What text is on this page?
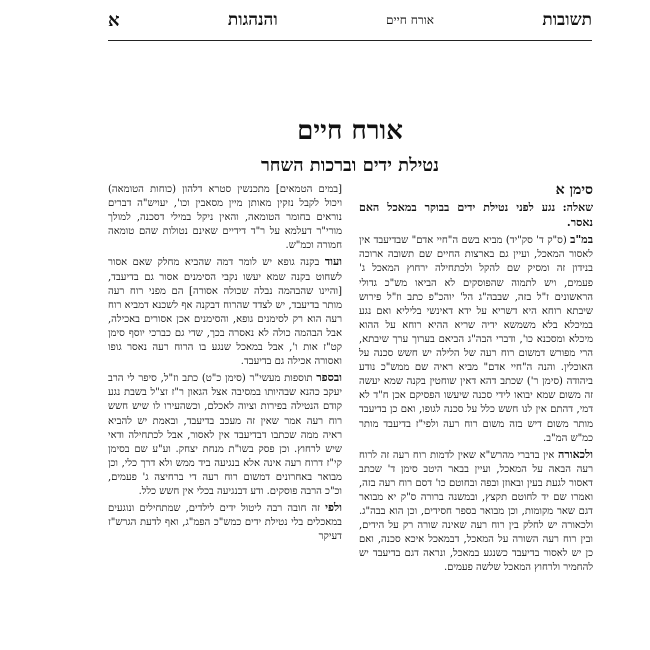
תשובות
אורח חיים
והנהגות
א
אורח חיים
נטילת ידים וברכות השחר
סימן א

שאלה: נגע לפני נטילת ידים בבוקר במאכל האם נאסר.

במ"ב (ס"ק ד' סק"יד) מביא בשם ה"חיי אדם" שבדיעבד אין לאסור המאכל, ועיין גם בארצות החיים שם תשובה ארוכה בנידון זה ומסיק שם להקל ולכתחילה ירחוץ המאכל ג' פעמים, ויש לתמוה שהפוסקים לא הביאו מש"כ גדולי הראשונים ז"ל בזה, שבבה"ג הל' יוהכ"פ כתב וז"ל פירוש שיבתא רוחא היא דשריא על ידא דאינשי בליליא ואם נגע במיכלא בלא משמשא ידיה שריא ההיא רוחא על ההוא מיכלא ומסכנא כו', ודברי הבה"ג הביאם בערוך ערך שיבתא, הרי מפורש דמשום רוח רעה של הלילה יש חשש סכנה על האוכלין. והנה ה"חיי אדם" מביא ראיה שם ממש"כ נודע ביהודה (סימן ר') שכתב דהא דאין שוחטין בקנה שמא יעשה זה משום שמא יבואו לידי סכנה שיעשו הפסיקם אכן ח"ד לא דמי, דהתם אין לנו חשש כלל על סכנה לגופו, ואם כן בדיעבד מותר משום דיש בזה משום רוח רעה ולפי"ז בדיעבד מותר כמ"ש המ"ב.

ולכאורה אין בדברי מהרש"א שאין לדמות רוח רעה זה לרוח רעה הבאה על המאכל, ועיין בבאר היטב סימן ד' שכתב דאסור לגעת בעין ובאוזן ובפה ובחוטם כו' דסם רוח רעה בזה, ואמרו שם יד לחוטם תקצץ, ובמשנה ברורה ס"ק יא מבואר דגם שאר מקומות, וכן מבואר בספר חסידים, וכן הוא בבה"ג. ולכאורה יש לחלק בין רוח רעה שאינה שורה רק על הידים, ובין רוח רעה השורה על המאכל, דבמאכל איכא סכנה, ואם כן יש לאסור בדיעבד כשנגע במאכל, ונראה דגם בדיעבד יש להחמיר ולרחוץ המאכל שלשה פעמים.

[במים הטמאים] מתכנשין סטרא דלהון (כוחות הטומאה) ויכול לקבל נזקין מאותן מיין מסאבין וכו', יעויש"ה דברים נוראים בחומר הטומאה, והאין ניקל במילי דסכנה, למולך מורי"ר דעלמא על ר"ד דידיים שאינם נטולות שהם טומאה חמורה וכמ"ש.

ועוד בקנה גופא יש לומר דמה שהביא מחלק שאם אסור לשחוט בקנה שמא יעשו נקבי הסימנים אסור גם בדיעבד, [והיינו שהבהמה נבלה שכולה אסורה] הם מפני רוח רעה מותר בדיעבד, יש לצדד שהרוח דבקנה אף לשכנא דמביא רוח רעה הוא רק לסימנים גופא, והסימנים אכן אסורים באכילה, אבל הבהמה כולה לא נאסרה בכך, שדי גם כברכי יוסף סימן קט"ז אות ו', אבל במאכל שנגע בו הרוח רעה נאסר גופו ואסורה אכילה גם בדיעבד.

ובספר תוספות מעשי"ר (סימן כ"ט) כתב וז"ל, סיפר לי הרב יעקב כהנא שבהיותו במסיבה אצל הגאון ר"ז זצ"ל בשבת נגע קודם הנטילה בפירות וציוה לאכלם, וכשהעירו לו שיש חשש רוח רעה אמר שאין זה מעכב בדיעבד, ובאמת יש להביא ראיה ממה שכתבו דבדיעבד אין לאסור, אבל לכתחילה ודאי שיש לרחוץ. וכן פסק בשו"ת מנחת יצחק. וע"ע שם בסימן קי"ז דרוח רעה אינה אלא בנגיעה ביד ממש ולא דרך כלי, וכן מבואר באחרונים דמשום רוח רעה די ברחיצה ג' פעמים, וכ"כ הרבה פוסקים. ודע דבנגיעה בכלי אין חשש כלל.

ולפי זה חובה רבה ליטול ידים לילדים, שמתחילים ונוגעים במאכלים בלי נטילת ידים כמש"כ הפמ"ג, ואף לדעת הגרש"ז דעיקר
